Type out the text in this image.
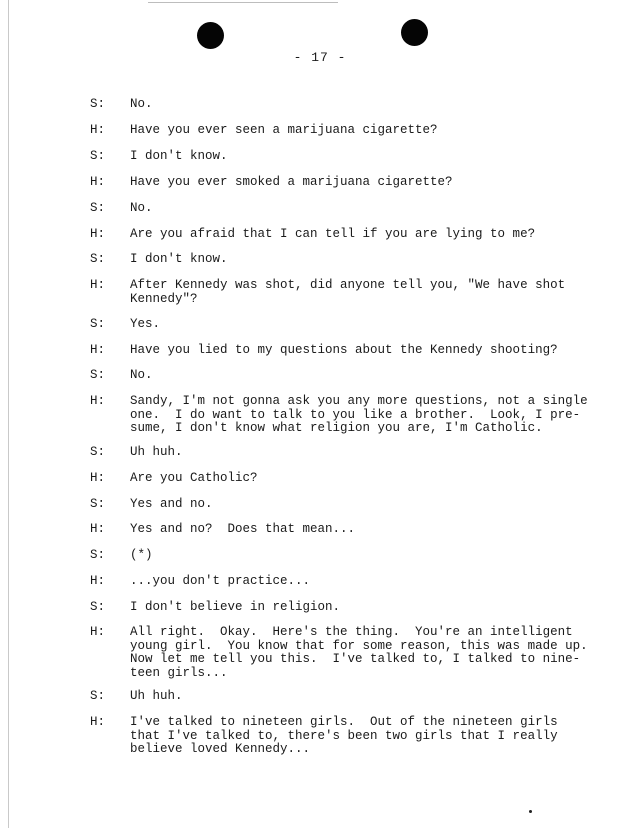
- 17 -
S:	No.
H:	Have you ever seen a marijuana cigarette?
S:	I don't know.
H:	Have you ever smoked a marijuana cigarette?
S:	No.
H:	Are you afraid that I can tell if you are lying to me?
S:	I don't know.
H:	After Kennedy was shot, did anyone tell you, "We have shot
Kennedy"?
S:	Yes.
H:	Have you lied to my questions about the Kennedy shooting?
S:	No.
H:	Sandy, I'm not gonna ask you any more questions, not a single
one.  I do want to talk to you like a brother.  Look, I pre-
sume, I don't know what religion you are, I'm Catholic.
S:	Uh huh.
H:	Are you Catholic?
S:	Yes and no.
H:	Yes and no?  Does that mean...
S:	(*)
H:	...you don't practice...
S:	I don't believe in religion.
H:	All right.  Okay.  Here's the thing.  You're an intelligent
young girl.  You know that for some reason, this was made up.
Now let me tell you this.  I've talked to, I talked to nine-
teen girls...
S:	Uh huh.
H:	I've talked to nineteen girls.  Out of the nineteen girls
that I've talked to, there's been two girls that I really
believe loved Kennedy...
